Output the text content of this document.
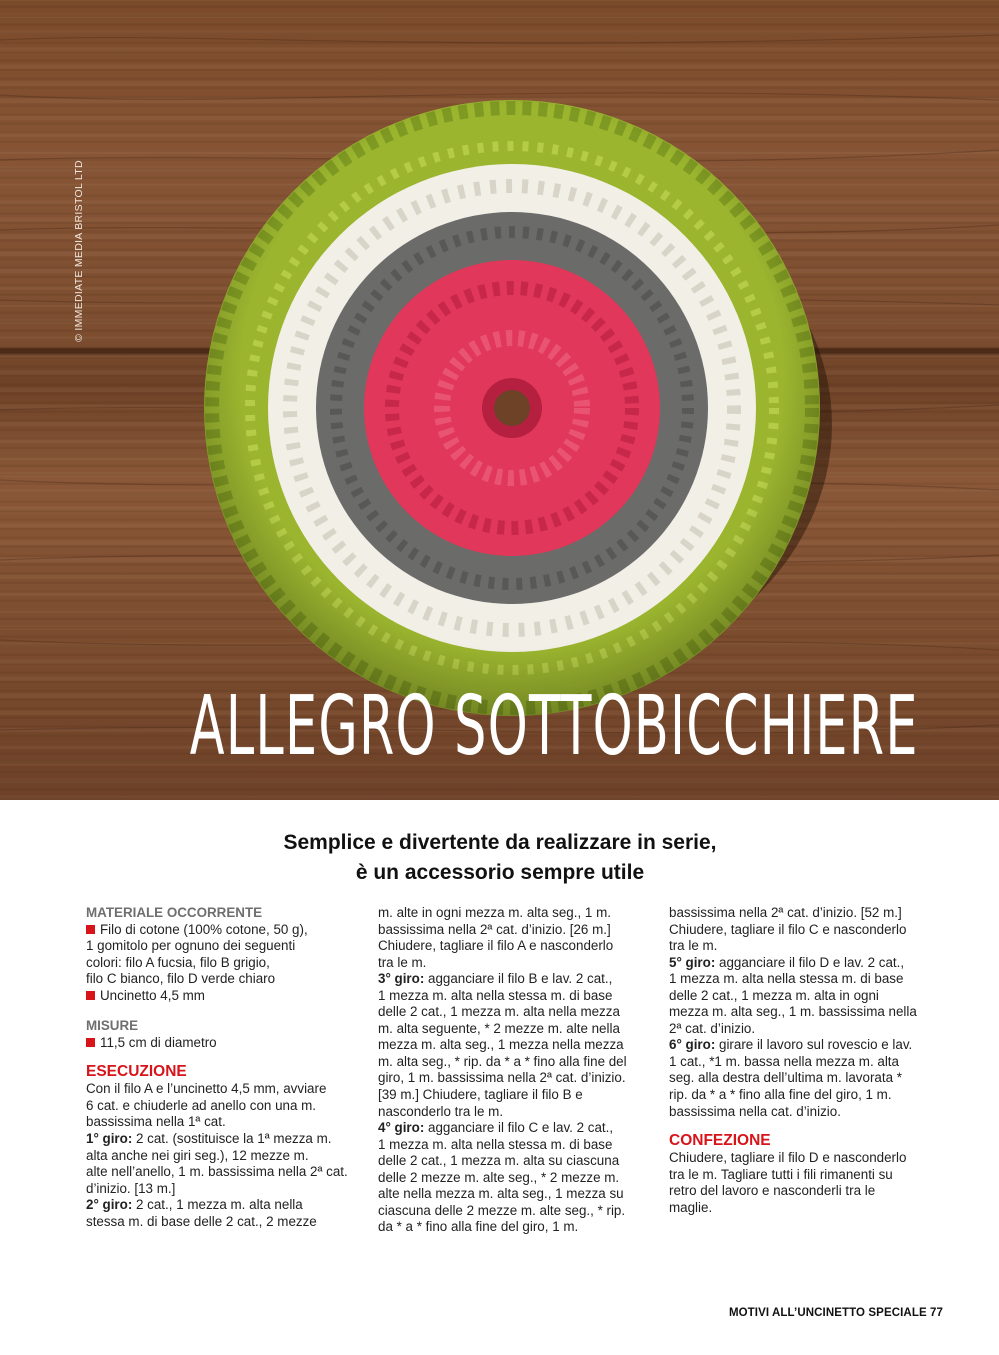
© IMMEDIATE MEDIA BRISTOL LTD
ALLEGRO SOTTOBICCHIERE
Semplice e divertente da realizzare in serie,
è un accessorio sempre utile
MATERIALE OCCORRENTE
Filo di cotone (100% cotone, 50 g),
1 gomitolo per ognuno dei seguenti
colori: filo A fucsia, filo B grigio,
filo C bianco, filo D verde chiaro
Uncinetto 4,5 mm
MISURE
11,5 cm di diametro
ESECUZIONE
Con il filo A e l’uncinetto 4,5 mm, avviare
6 cat. e chiuderle ad anello con una m.
bassissima nella 1ª cat.
1° giro: 2 cat. (sostituisce la 1ª mezza m.
alta anche nei giri seg.), 12 mezze m.
alte nell’anello, 1 m. bassissima nella 2ª cat.
d’inizio. [13 m.]
2° giro: 2 cat., 1 mezza m. alta nella
stessa m. di base delle 2 cat., 2 mezze
m. alte in ogni mezza m. alta seg., 1 m.
bassissima nella 2ª cat. d’inizio. [26 m.]
Chiudere, tagliare il filo A e nasconderlo
tra le m.
3° giro: agganciare il filo B e lav. 2 cat.,
1 mezza m. alta nella stessa m. di base
delle 2 cat., 1 mezza m. alta nella mezza
m. alta seguente, * 2 mezze m. alte nella
mezza m. alta seg., 1 mezza nella mezza
m. alta seg., * rip. da * a * fino alla fine del
giro, 1 m. bassissima nella 2ª cat. d’inizio.
[39 m.] Chiudere, tagliare il filo B e
nasconderlo tra le m.
4° giro: agganciare il filo C e lav. 2 cat.,
1 mezza m. alta nella stessa m. di base
delle 2 cat., 1 mezza m. alta su ciascuna
delle 2 mezze m. alte seg., * 2 mezze m.
alte nella mezza m. alta seg., 1 mezza su
ciascuna delle 2 mezze m. alte seg., * rip.
da * a * fino alla fine del giro, 1 m.
bassissima nella 2ª cat. d’inizio. [52 m.]
Chiudere, tagliare il filo C e nasconderlo
tra le m.
5° giro: agganciare il filo D e lav. 2 cat.,
1 mezza m. alta nella stessa m. di base
delle 2 cat., 1 mezza m. alta in ogni
mezza m. alta seg., 1 m. bassissima nella
2ª cat. d’inizio.
6° giro: girare il lavoro sul rovescio e lav.
1 cat., *1 m. bassa nella mezza m. alta
seg. alla destra dell’ultima m. lavorata *
rip. da * a * fino alla fine del giro, 1 m.
bassissima nella cat. d’inizio.
CONFEZIONE
Chiudere, tagliare il filo D e nasconderlo
tra le m. Tagliare tutti i fili rimanenti su
retro del lavoro e nasconderli tra le
maglie.
MOTIVI ALL’UNCINETTO SPECIALE 77
